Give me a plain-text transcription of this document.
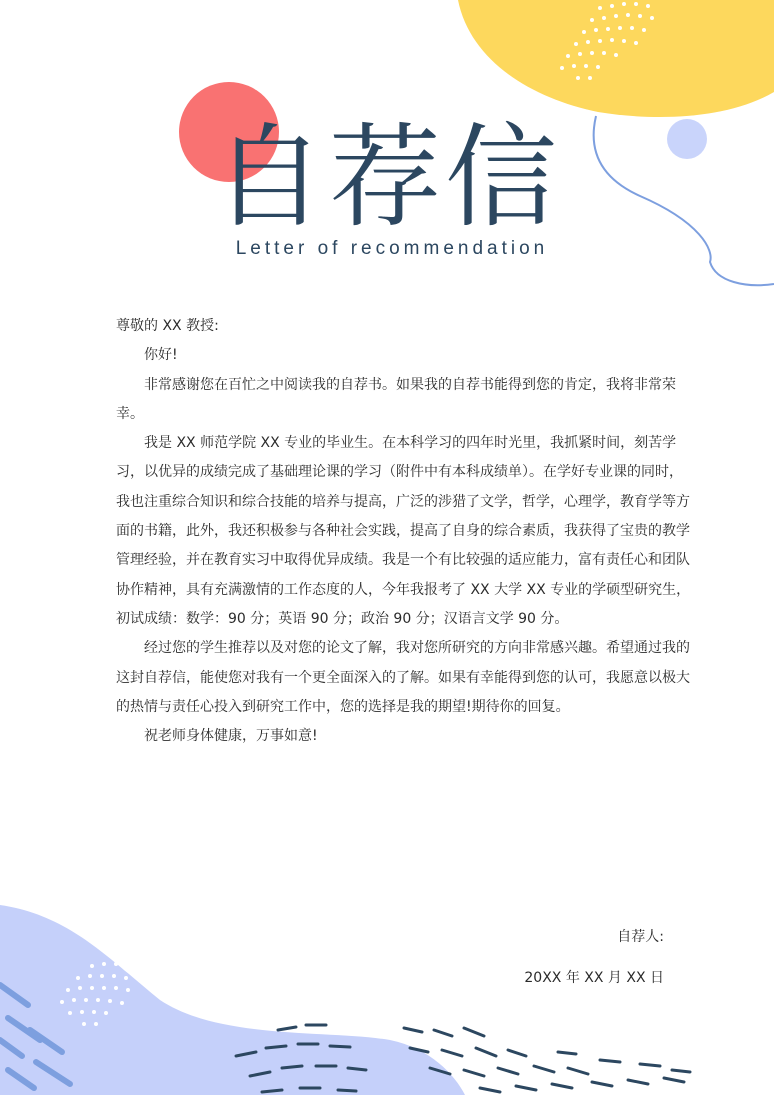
自荐信
Letter of recommendation

尊敬的 XX 教授:

你好!

非常感谢您在百忙之中阅读我的自荐书。如果我的自荐书能得到您的肯定，我将非常荣幸。

我是 XX 师范学院 XX 专业的毕业生。在本科学习的四年时光里，我抓紧时间，刻苦学习，以优异的成绩完成了基础理论课的学习（附件中有本科成绩单）。在学好专业课的同时，我也注重综合知识和综合技能的培养与提高，广泛的涉猎了文学，哲学，心理学，教育学等方面的书籍，此外，我还积极参与各种社会实践，提高了自身的综合素质，我获得了宝贵的教学管理经验，并在教育实习中取得优异成绩。我是一个有比较强的适应能力，富有责任心和团队协作精神，具有充满激情的工作态度的人，今年我报考了 XX 大学 XX 专业的学硕型研究生，初试成绩：数学：90 分；英语 90 分；政治 90 分；汉语言文学 90 分。

经过您的学生推荐以及对您的论文了解，我对您所研究的方向非常感兴趣。希望通过我的这封自荐信，能使您对我有一个更全面深入的了解。如果有幸能得到您的认可，我愿意以极大的热情与责任心投入到研究工作中，您的选择是我的期望!期待你的回复。

祝老师身体健康，万事如意!

自荐人:
20XX 年 XX 月 XX 日
